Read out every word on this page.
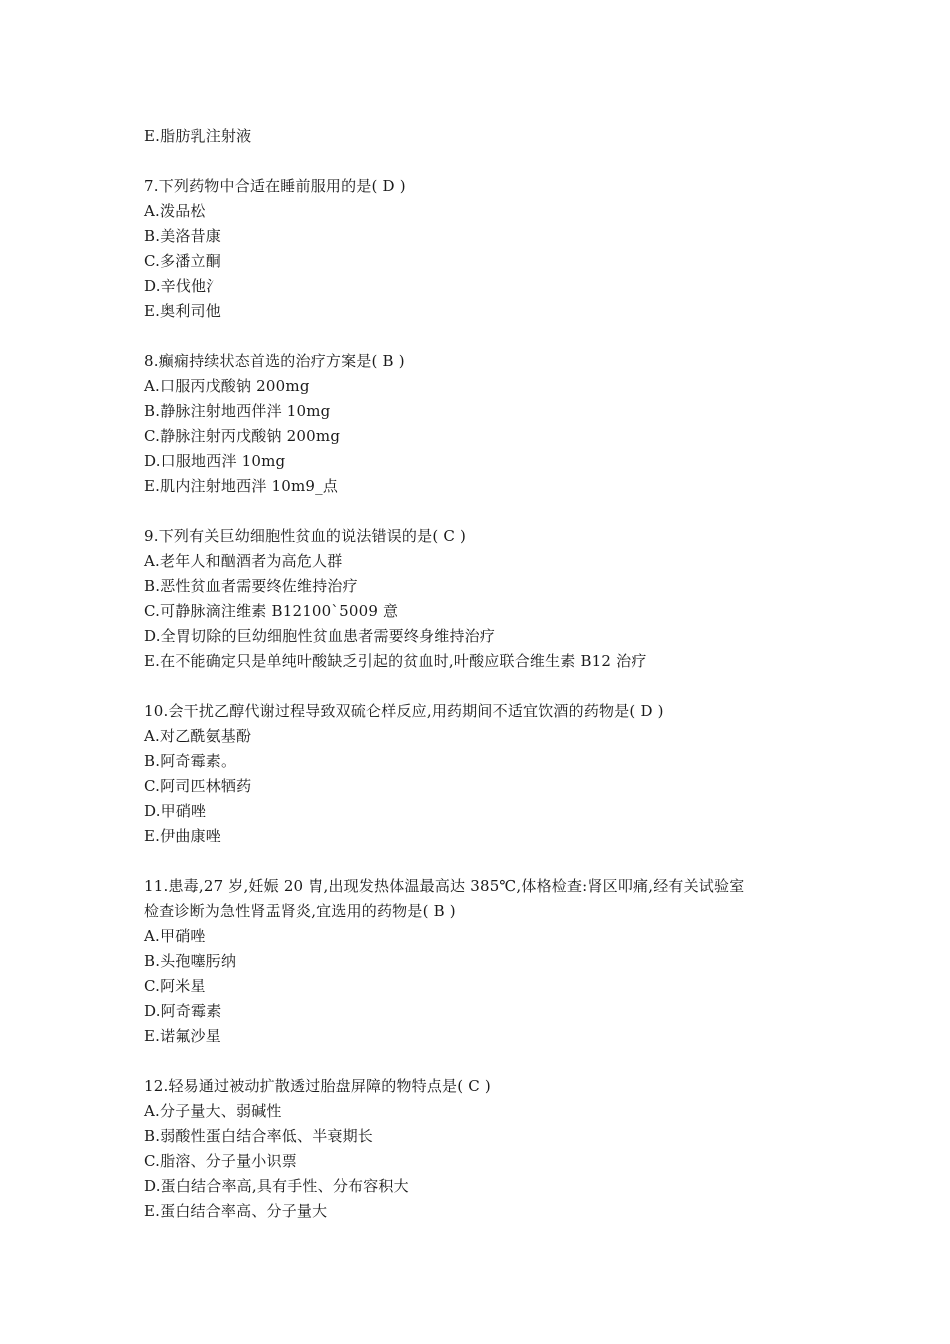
E.脂肪乳注射液
7.下列药物中合适在睡前服用的是( D )
A.泼品松
B.美洛昔康
C.多潘立酮
D.辛伐他氵
E.奥利司他
8.癫痫持续状态首选的治疗方案是( B )
A.口服丙戊酸钠 200mg
B.静脉注射地西伴泮 10mg
C.静脉注射丙戊酸钠 200mg
D.口服地西泮 10mg
E.肌内注射地西泮 10m9_点
9.下列有关巨幼细胞性贫血的说法错误的是( C )
A.老年人和酗酒者为高危人群
B.恶性贫血者需要终佐维持治疗
C.可静脉滴注维素 B12100`5009 意
D.全胃切除的巨幼细胞性贫血患者需要终身维持治疗
E.在不能确定只是单纯叶酸缺乏引起的贫血时,叶酸应联合维生素 B12 治疗
10.会干扰乙醇代谢过程导致双硫仑样反应,用药期间不适宜饮酒的药物是( D )
A.对乙酰氨基酚
B.阿奇霉素。
C.阿司匹林牺药
D.甲硝唑
E.伊曲康唑
11.患毒,27 岁,妊娠 20 胄,出现发热体温最高达 385℃,体格检查:肾区叩痛,经有关试验室
检查诊断为急性肾盂肾炎,宜选用的药物是( B )
A.甲硝唑
B.头孢噻肟纳
C.阿米星
D.阿奇霉素
E.诺氟沙星
12.轻易通过被动扩散透过胎盘屏障的物特点是( C )
A.分子量大、弱碱性
B.弱酸性蛋白结合率低、半衰期长
C.脂溶、分子量小识票
D.蛋白结合率高,具有手性、分布容积大
E.蛋白结合率高、分子量大
